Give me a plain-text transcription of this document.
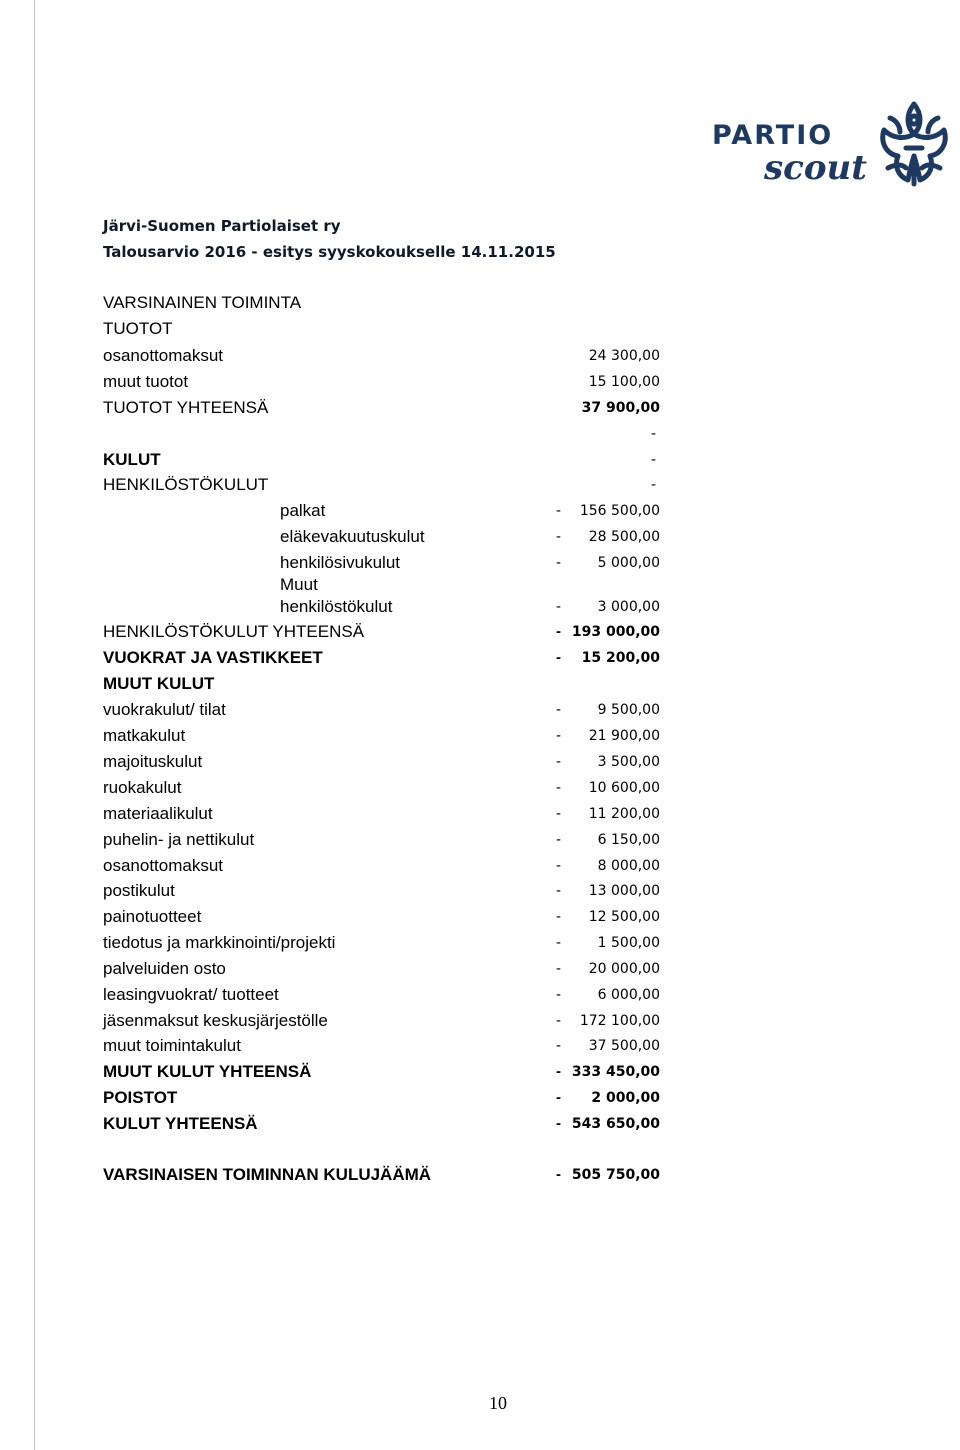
PARTIO
scout
Järvi-Suomen Partiolaiset ry
Talousarvio 2016 - esitys syyskokoukselle 14.11.2015
VARSINAINEN TOIMINTA
TUOTOT
osanottomaksut	24 300,00
muut tuotot	15 100,00
TUOTOT YHTEENSÄ	37 900,00
-
KULUT	-
HENKILÖSTÖKULUT	-
palkat	- 156 500,00
eläkevakuutuskulut	- 28 500,00
henkilösivukulut	-	5 000,00
Muut
henkilöstökulut	-	3 000,00
HENKILÖSTÖKULUT YHTEENSÄ	- 193 000,00
VUOKRAT JA VASTIKKEET	- 15 200,00
MUUT KULUT
vuokrakulut/ tilat	-	9 500,00
matkakulut	- 21 900,00
majoituskulut	-	3 500,00
ruokakulut	- 10 600,00
materiaalikulut	- 11 200,00
puhelin- ja nettikulut	-	6 150,00
osanottomaksut	-	8 000,00
postikulut	- 13 000,00
painotuotteet	- 12 500,00
tiedotus ja markkinointi/projekti	-	1 500,00
palveluiden osto	- 20 000,00
leasingvuokrat/ tuotteet	-	6 000,00
jäsenmaksut keskusjärjestölle	- 172 100,00
muut toimintakulut	- 37 500,00
MUUT KULUT YHTEENSÄ	- 333 450,00
POISTOT	- 2 000,00
KULUT YHTEENSÄ	- 543 650,00
VARSINAISEN TOIMINNAN KULUJÄÄMÄ	- 505 750,00
10
